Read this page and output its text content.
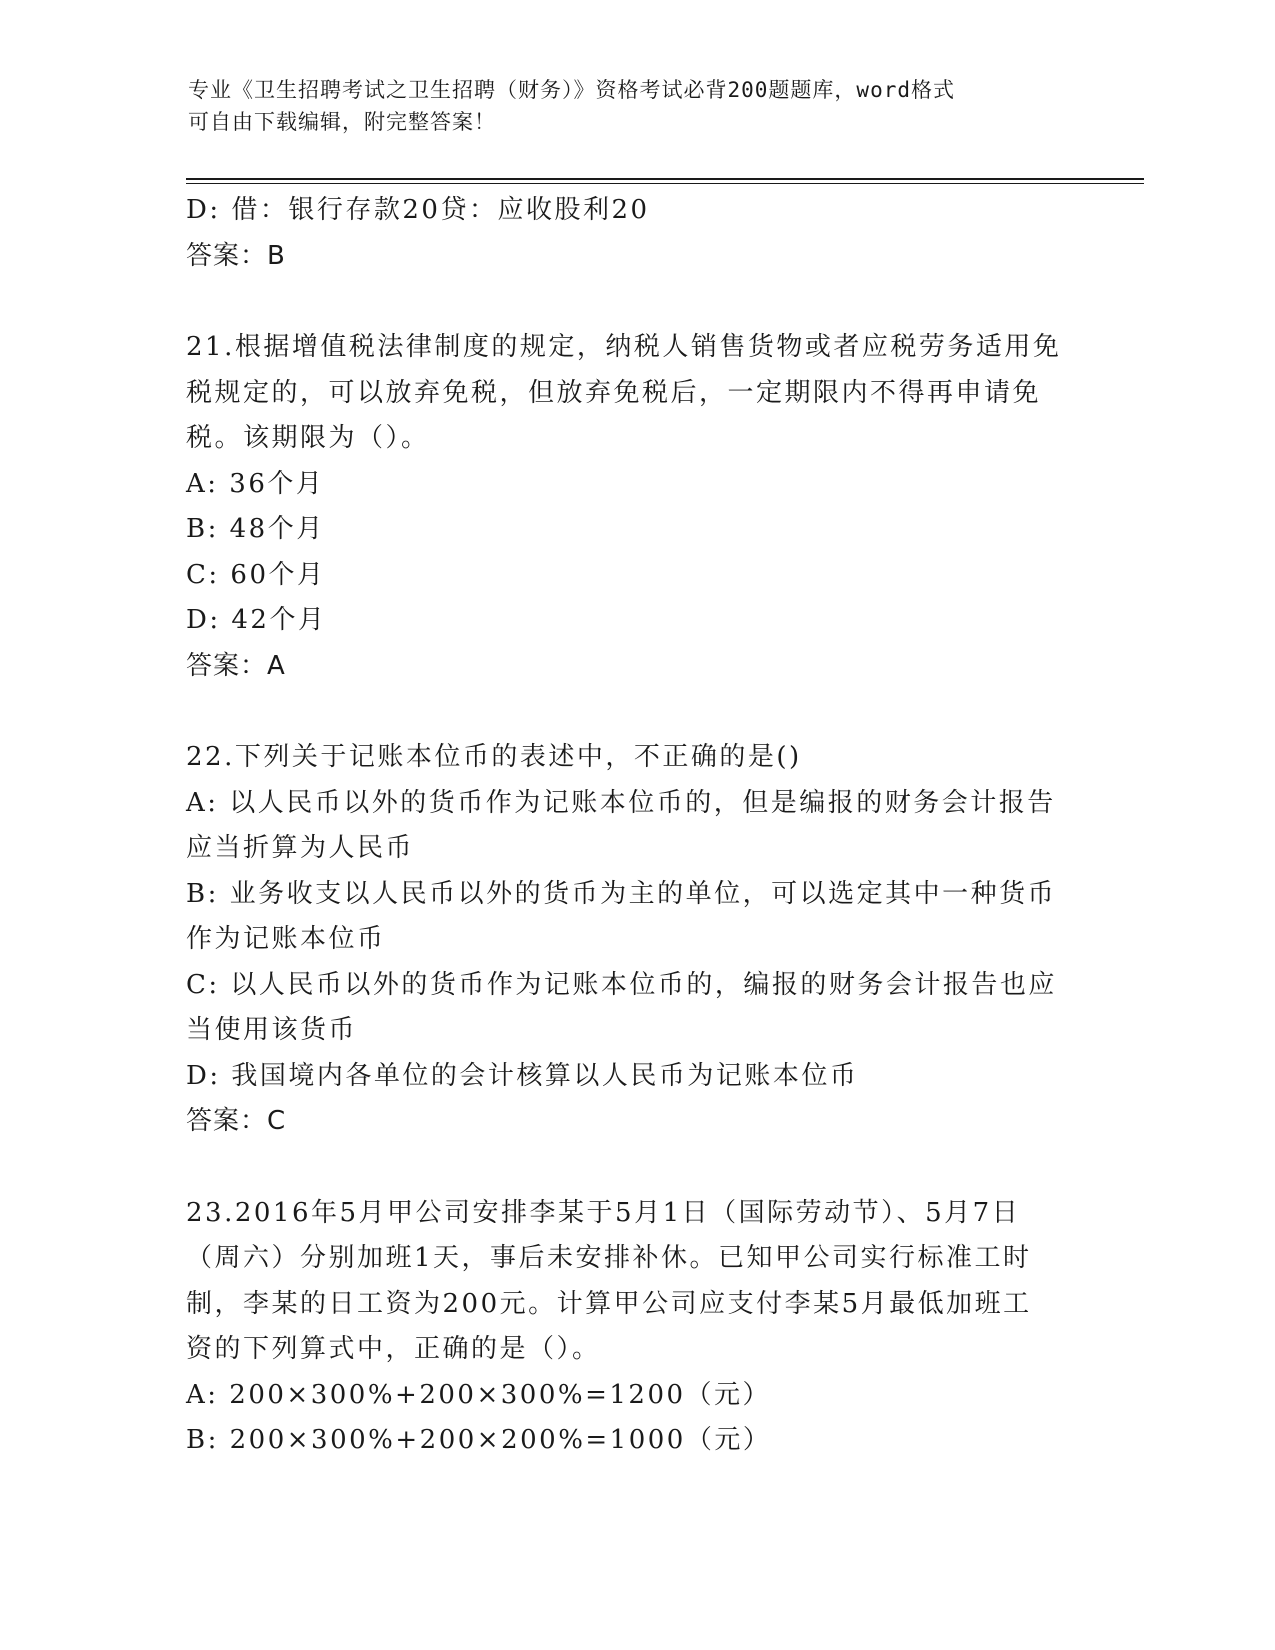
专业《卫生招聘考试之卫生招聘（财务）》资格考试必背200题题库，word格式
可自由下载编辑，附完整答案！
D: 借：银行存款20贷：应收股利20
答案：B
21.根据增值税法律制度的规定，纳税人销售货物或者应税劳务适用免
税规定的，可以放弃免税，但放弃免税后，一定期限内不得再申请免
税。该期限为（）。
A: 36个月
B: 48个月
C: 60个月
D: 42个月
答案：A
22.下列关于记账本位币的表述中，不正确的是()
A: 以人民币以外的货币作为记账本位币的，但是编报的财务会计报告
应当折算为人民币
B: 业务收支以人民币以外的货币为主的单位，可以选定其中一种货币
作为记账本位币
C: 以人民币以外的货币作为记账本位币的，编报的财务会计报告也应
当使用该货币
D: 我国境内各单位的会计核算以人民币为记账本位币
答案：C
23.2016年5月甲公司安排李某于5月1日（国际劳动节）、5月7日
（周六）分别加班1天，事后未安排补休。已知甲公司实行标准工时
制，李某的日工资为200元。计算甲公司应支付李某5月最低加班工
资的下列算式中，正确的是（）。
A: 200×300%+200×300%=1200（元）
B: 200×300%+200×200%=1000（元）
